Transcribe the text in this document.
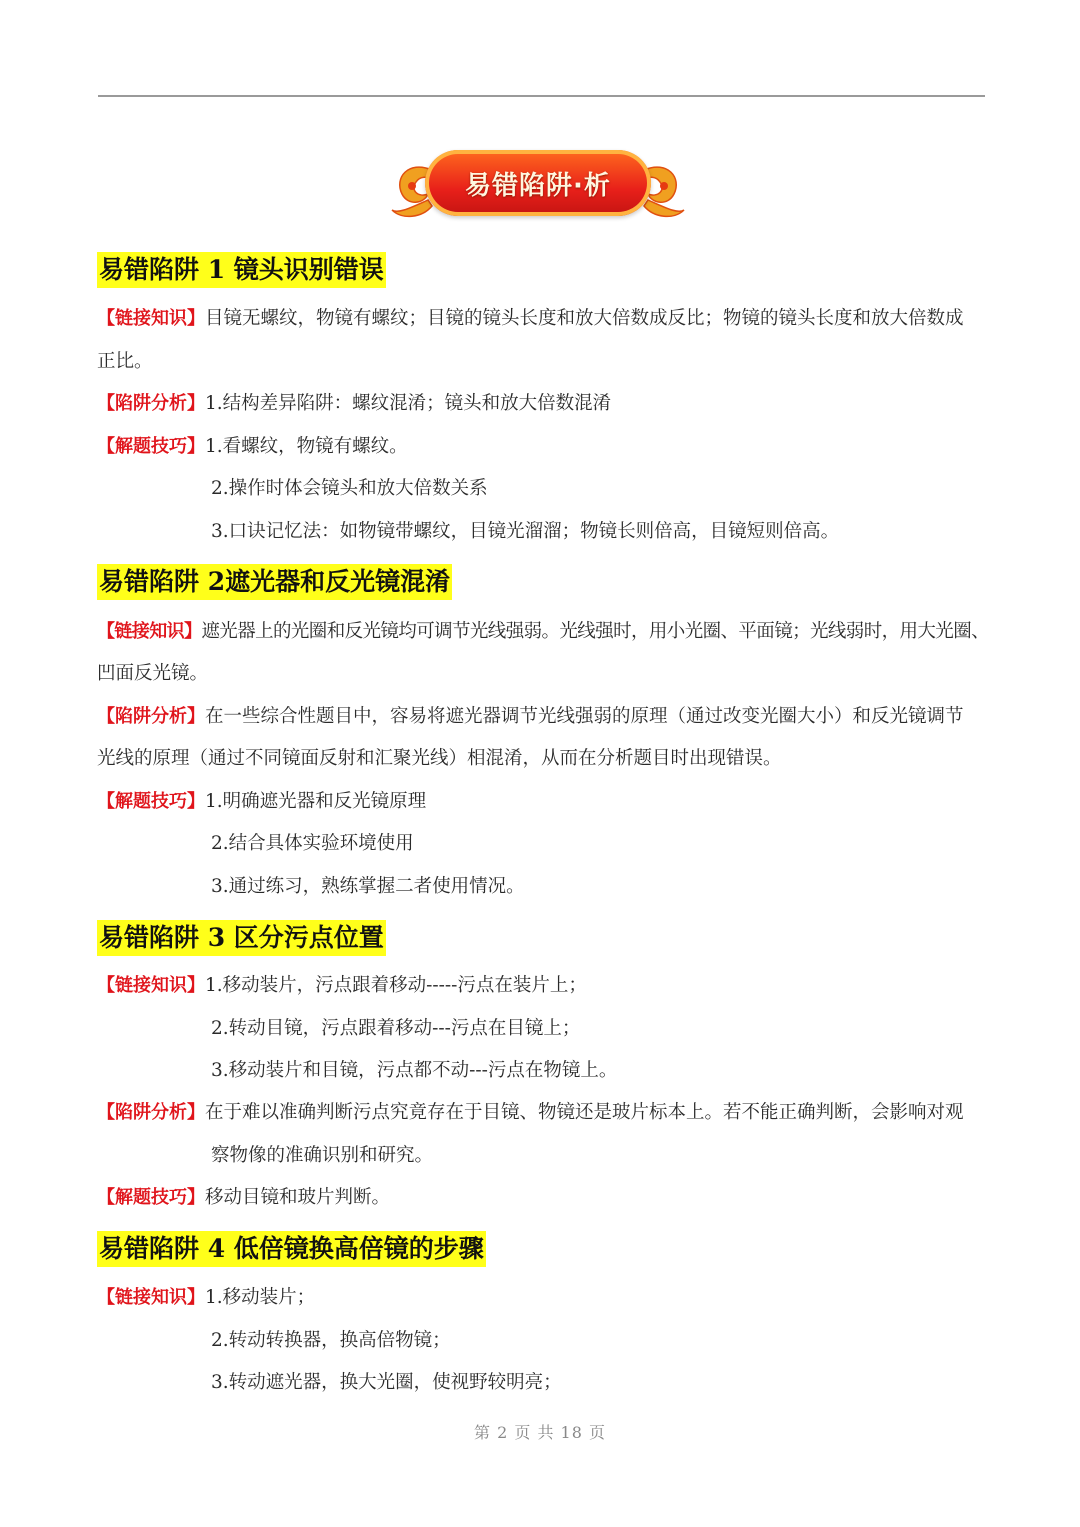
易错陷阱·析
易错陷阱 1 镜头识别错误
【链接知识】目镜无螺纹，物镜有螺纹；目镜的镜头长度和放大倍数成反比；物镜的镜头长度和放大倍数成
正比。
【陷阱分析】1.结构差异陷阱：螺纹混淆；镜头和放大倍数混淆
【解题技巧】1.看螺纹，物镜有螺纹。
2.操作时体会镜头和放大倍数关系
3.口诀记忆法：如物镜带螺纹，目镜光溜溜；物镜长则倍高，目镜短则倍高。
易错陷阱 2遮光器和反光镜混淆
【链接知识】遮光器上的光圈和反光镜均可调节光线强弱。光线强时，用小光圈、平面镜；光线弱时，用大光圈、
凹面反光镜。
【陷阱分析】在一些综合性题目中，容易将遮光器调节光线强弱的原理（通过改变光圈大小）和反光镜调节
光线的原理（通过不同镜面反射和汇聚光线）相混淆，从而在分析题目时出现错误。
【解题技巧】1.明确遮光器和反光镜原理
2.结合具体实验环境使用
3.通过练习，熟练掌握二者使用情况。
易错陷阱 3 区分污点位置
【链接知识】1.移动装片，污点跟着移动-----污点在装片上；
2.转动目镜，污点跟着移动---污点在目镜上；
3.移动装片和目镜，污点都不动---污点在物镜上。
【陷阱分析】在于难以准确判断污点究竟存在于目镜、物镜还是玻片标本上。若不能正确判断，会影响对观
察物像的准确识别和研究。
【解题技巧】移动目镜和玻片判断。
易错陷阱 4 低倍镜换高倍镜的步骤
【链接知识】1.移动装片；
2.转动转换器，换高倍物镜；
3.转动遮光器，换大光圈，使视野较明亮；
第 2 页 共 18 页
